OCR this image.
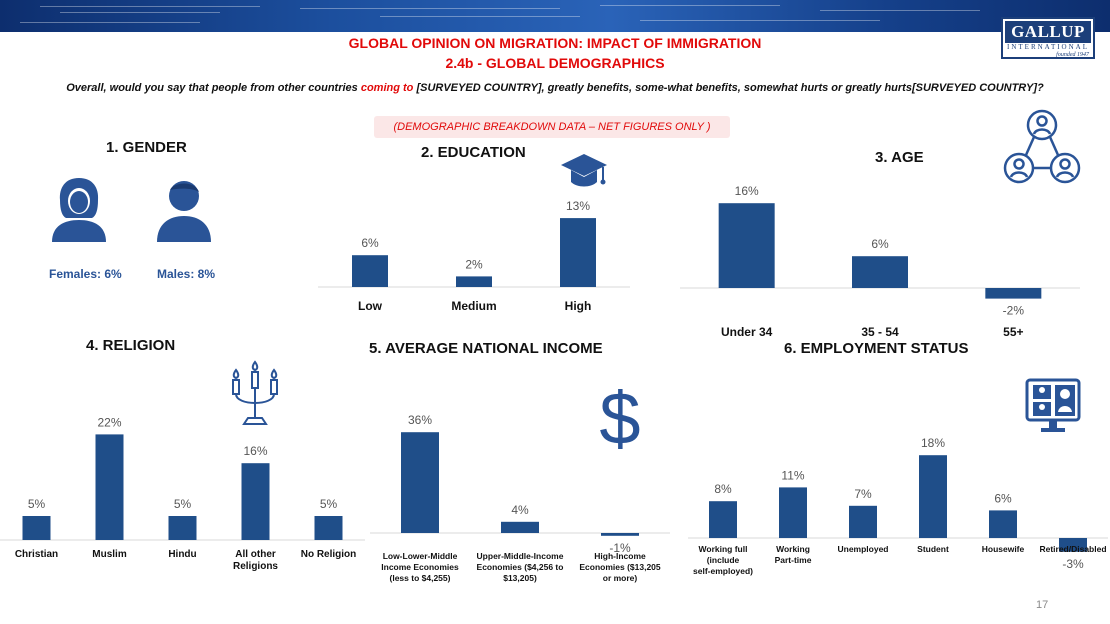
GALLUP
INTERNATIONAL
founded 1947
GLOBAL OPINION ON MIGRATION: IMPACT OF IMMIGRATION
2.4b - GLOBAL DEMOGRAPHICS
Overall, would you say that people from other countries coming to [SURVEYED COUNTRY], greatly benefits, some-what benefits, somewhat hurts or greatly hurts[SURVEYED COUNTRY]?
(DEMOGRAPHIC BREAKDOWN DATA – NET FIGURES ONLY )
1. GENDER
Females: 6%	Males: 8%
2. EDUCATION
6%
Low
2%
Medium
13%
High
3. AGE
16%
Under 34
6%
35 - 54
-2%
55+
4. RELIGION
5%
Christian
22%
Muslim
5%
Hindu
16%
All other
Religions
5%
No Religion
5. AVERAGE NATIONAL INCOME
$
36%
Low-Lower-Middle
Income Economies
(less to $4,255)
4%
Upper-Middle-Income
Economies ($4,256 to
$13,205)
-1%
High-Income
Economies ($13,205
or more)
6. EMPLOYMENT STATUS
8%
Working full
(include
self-employed)
11%
Working
Part-time
7%
Unemployed
18%
Student
6%
Housewife
-3%
Retired/Disabled
17
